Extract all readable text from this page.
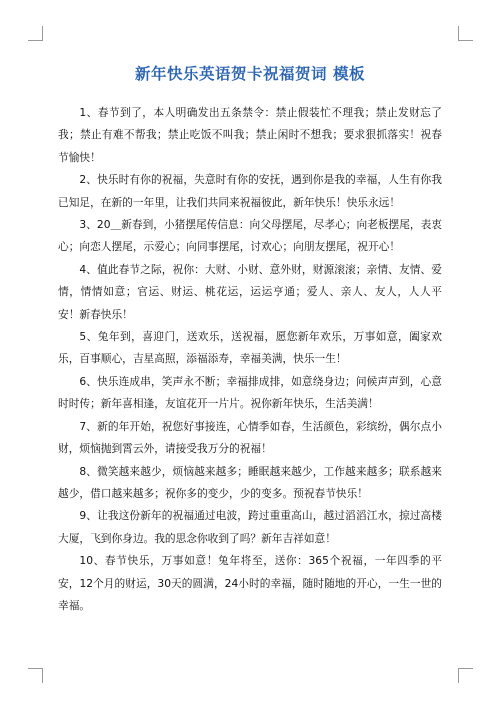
新年快乐英语贺卡祝福贺词 模板

1、春节到了，本人明确发出五条禁令：禁止假装忙不理我；禁止发财忘了我；禁止有难不帮我；禁止吃饭不叫我；禁止闲时不想我；要求狠抓落实！祝春节愉快！

2、快乐时有你的祝福，失意时有你的安抚，遇到你是我的幸福，人生有你我已知足，在新的一年里，让我们共同来祝福彼此，新年快乐！快乐永远！

3、20＿新春到，小猪摆尾传信息：向父母摆尾，尽孝心；向老板摆尾，表衷心；向恋人摆尾，示爱心；向同事摆尾，讨欢心；向朋友摆尾，祝开心！

4、值此春节之际，祝你：大财、小财、意外财，财源滚滚；亲情、友情、爱情，情情如意；官运、财运、桃花运，运运亨通；爱人、亲人、友人，人人平安！新春快乐！

5、兔年到，喜迎门，送欢乐，送祝福，愿您新年欢乐，万事如意，阖家欢乐，百事顺心，吉星高照，添福添寿，幸福美满，快乐一生！

6、快乐连成串，笑声永不断；幸福排成排，如意绕身边；问候声声到，心意时时传；新年喜相逢，友谊花开一片片。祝你新年快乐，生活美满！

7、新的年开始，祝您好事接连，心情季如春，生活颜色，彩缤纷，偶尔点小财，烦恼抛到霄云外，请接受我万分的祝福！

8、微笑越来越少，烦恼越来越多；睡眠越来越少，工作越来越多；联系越来越少，借口越来越多；祝你多的变少，少的变多。预祝春节快乐！

9、让我这份新年的祝福通过电波，跨过重重高山，越过滔滔江水，掠过高楼大厦，飞到你身边。我的思念你收到了吗？新年吉祥如意！

10、春节快乐，万事如意！兔年将至，送你：365个祝福，一年四季的平安，12个月的财运，30天的圆满，24小时的幸福，随时随地的开心，一生一世的幸福。
